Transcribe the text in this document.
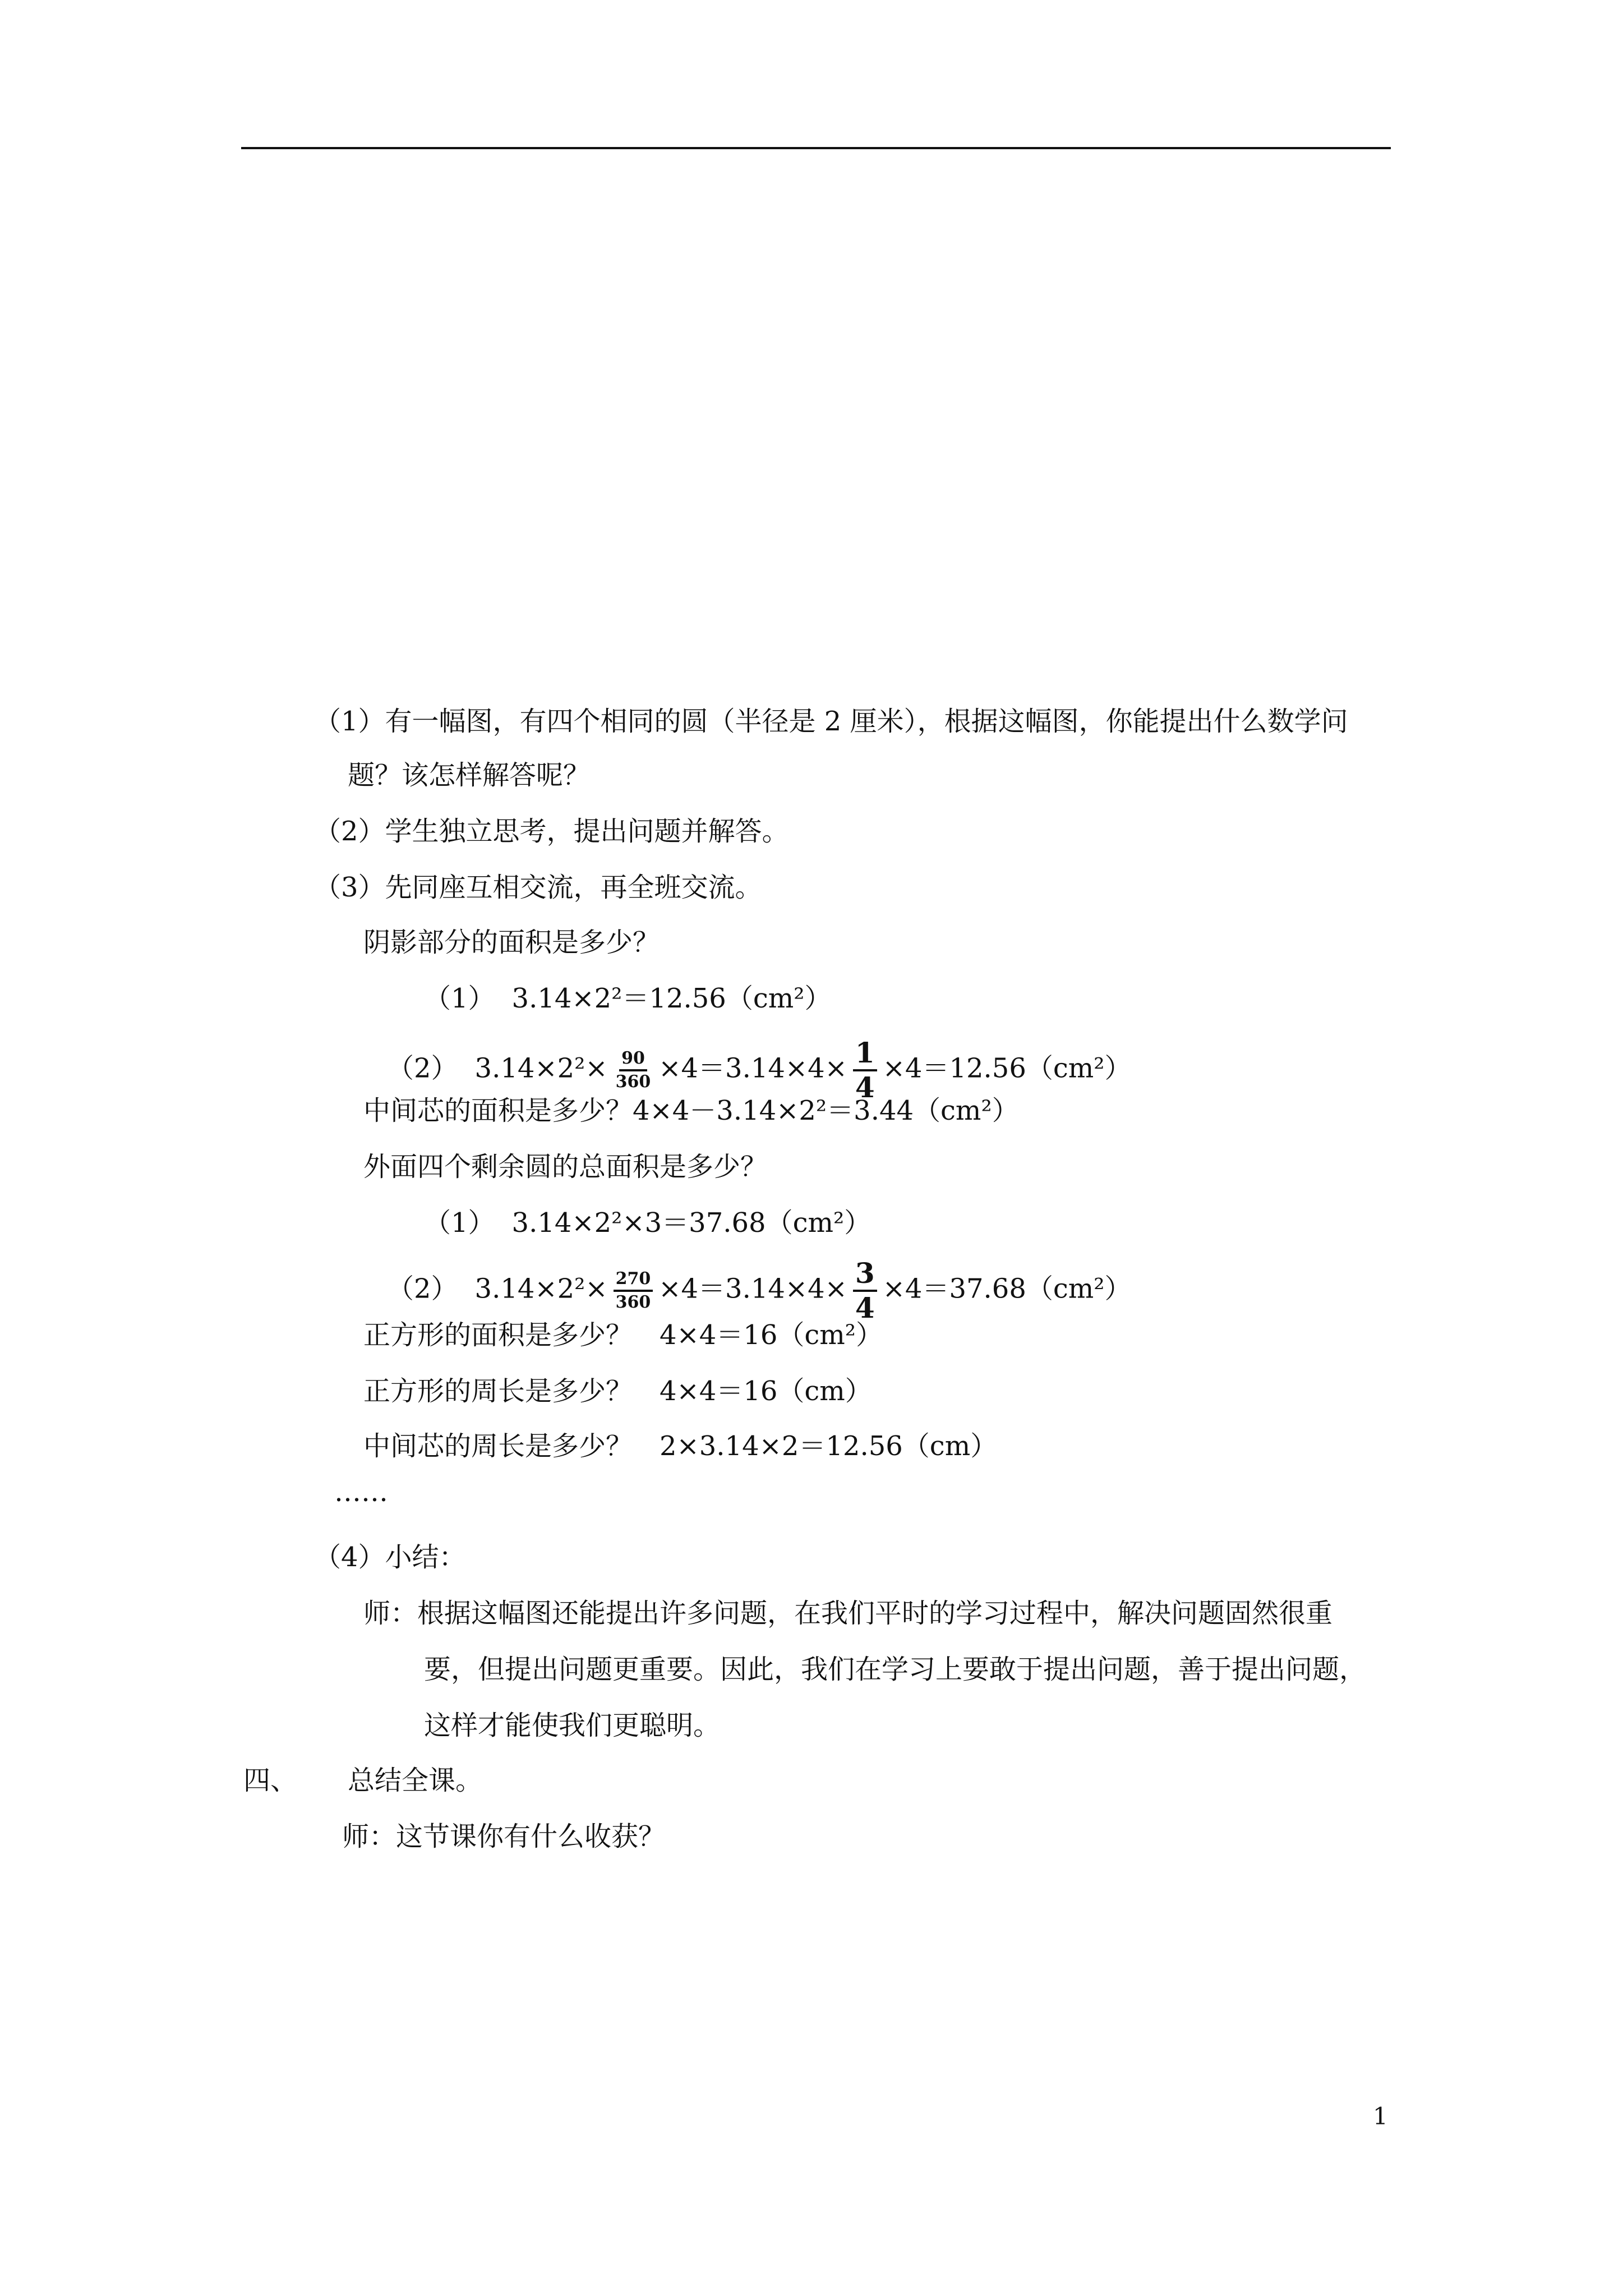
（1）有一幅图，有四个相同的圆（半径是 2 厘米），根据这幅图，你能提出什么数学问
题？该怎样解答呢？
（2）学生独立思考，提出问题并解答。
（3）先同座互相交流，再全班交流。
阴影部分的面积是多少？
（1） 3.14×2²＝12.56（cm²）
（2） $3.14\times 2^2\times \frac{90}{360} \times 4=3.14\times 4\times \frac{1}{4} \times 4=12.56(cm^2)$
中间芯的面积是多少？4×4－3.14×2²＝3.44（cm²）
外面四个剩余圆的总面积是多少？
（1） 3.14×2²×3＝37.68（cm²）
（2） $3.14\times 2^2\times \frac{270}{360} \times 4=3.14\times 4\times \frac{3}{4} \times 4=37.68(cm^2)$
正方形的面积是多少？　4×4＝16（cm²）
正方形的周长是多少？　4×4＝16（cm）
中间芯的周长是多少？　2×3.14×2＝12.56（cm）
……
（4）小结：
师：根据这幅图还能提出许多问题，在我们平时的学习过程中，解决问题固然很重
要，但提出问题更重要。因此，我们在学习上要敢于提出问题，善于提出问题，
这样才能使我们更聪明。
四、 总结全课。
师：这节课你有什么收获？
1
